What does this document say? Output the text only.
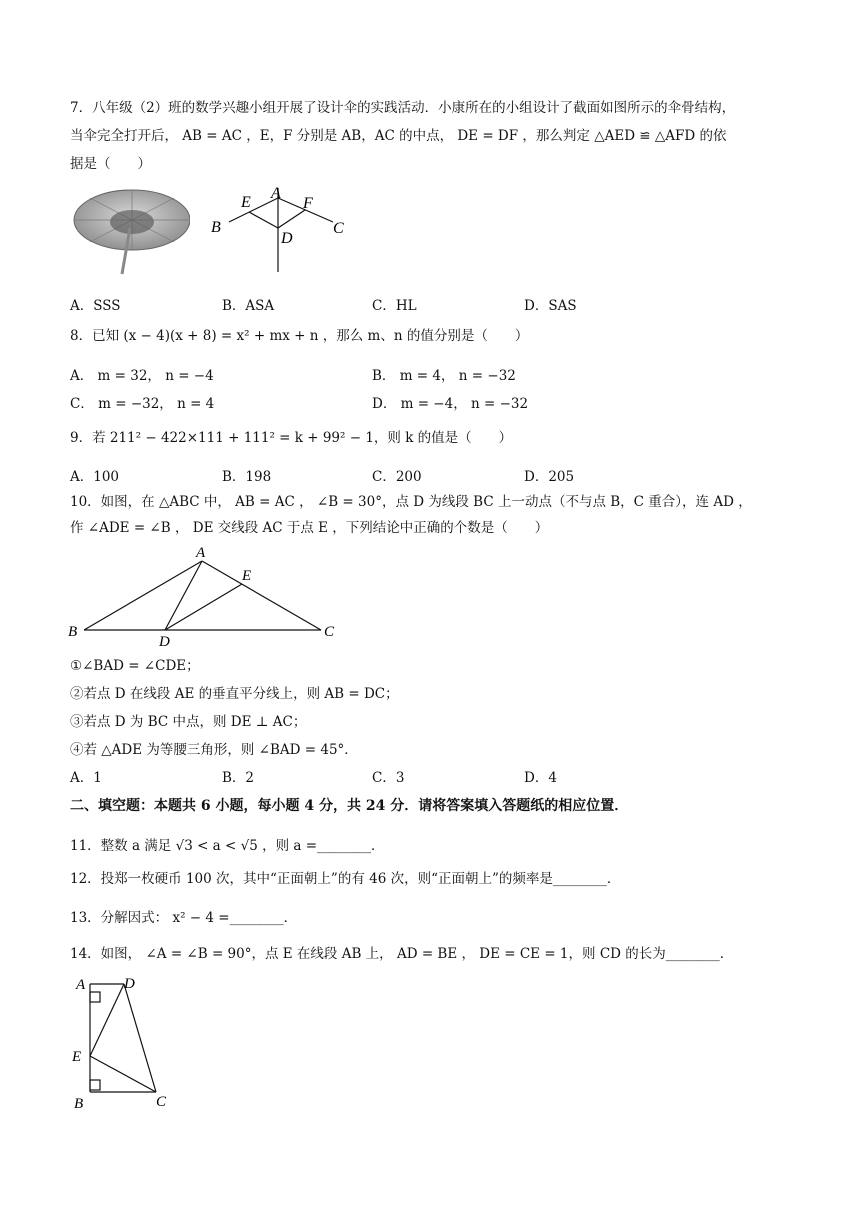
7．八年级（2）班的数学兴趣小组开展了设计伞的实践活动．小康所在的小组设计了截面如图所示的伞骨结构，
当伞完全打开后， AB = AC ，E，F 分别是 AB，AC 的中点， DE = DF ，那么判定 △AED ≌ △AFD 的依
据是（　　）
E
A
F
B
D
C
A．SSS	B．ASA	C．HL	D．SAS
8．已知 (x − 4)(x + 8) = x² + mx + n ，那么 m、n 的值分别是（　　）
A． m = 32， n = −4	B． m = 4， n = −32
C． m = −32， n = 4	D． m = −4， n = −32
9．若 211² − 422×111 + 111² = k + 99² − 1，则 k 的值是（　　）
A．100	B．198	C．200	D．205
10．如图，在 △ABC 中， AB = AC ， ∠B = 30°，点 D 为线段 BC 上一动点（不与点 B，C 重合），连 AD ，
作 ∠ADE = ∠B ， DE 交线段 AC 于点 E ，下列结论中正确的个数是（　　）
A
E
B
D
C
①∠BAD = ∠CDE；
②若点 D 在线段 AE 的垂直平分线上，则 AB = DC；
③若点 D 为 BC 中点，则 DE ⊥ AC；
④若 △ADE 为等腰三角形，则 ∠BAD = 45°．
A．1	B．2	C．3	D．4
二、填空题：本题共 6 小题，每小题 4 分，共 24 分．请将答案填入答题纸的相应位置．
11．整数 a 满足 √3 < a < √5 ，则 a =________．
12．投郑一枚硬币 100 次，其中“正面朝上”的有 46 次，则“正面朝上”的频率是________．
13．分解因式： x² − 4 =________．
14．如图， ∠A = ∠B = 90°，点 E 在线段 AB 上， AD = BE ， DE = CE = 1，则 CD 的长为________．
A	D
E
B	C
